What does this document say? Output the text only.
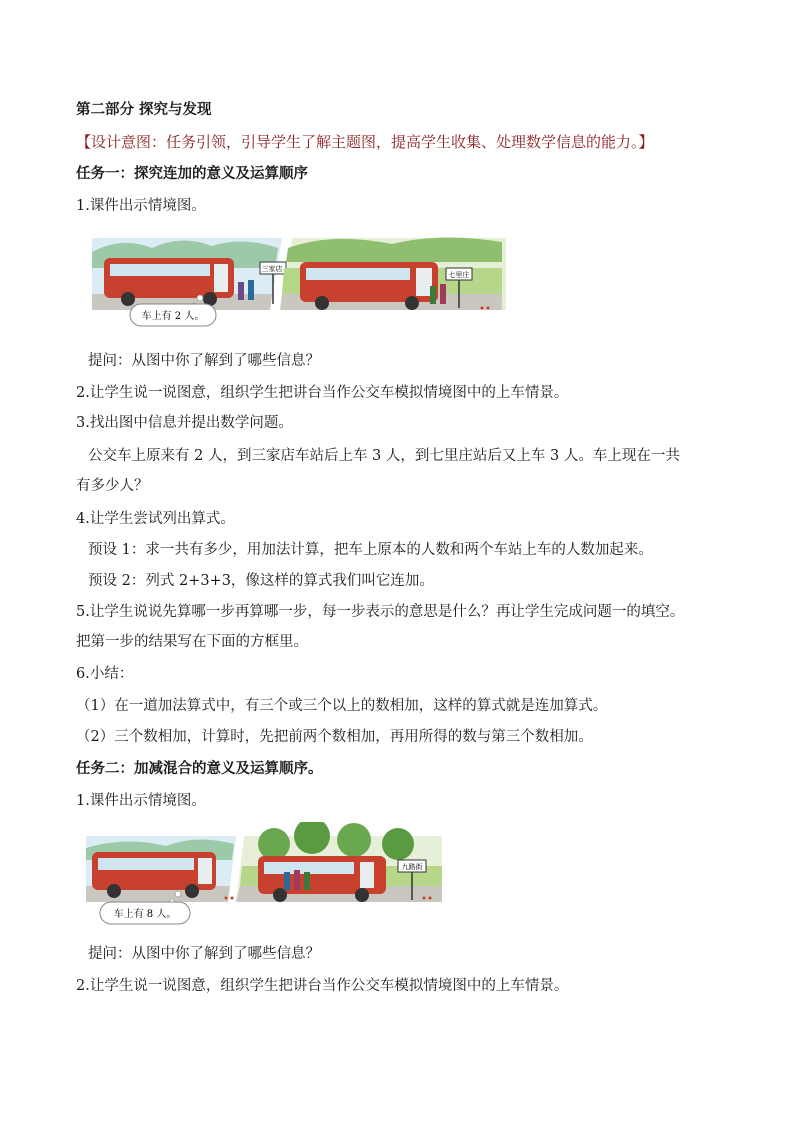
第二部分 探究与发现
【设计意图：任务引领，引导学生了解主题图，提高学生收集、处理数学信息的能力。】
任务一：探究连加的意义及运算顺序
1.课件出示情境图。
三家店
七里庄
车上有 2 人。
提问：从图中你了解到了哪些信息？
2.让学生说一说图意，组织学生把讲台当作公交车模拟情境图中的上车情景。
3.找出图中信息并提出数学问题。
公交车上原来有 2 人，到三家店车站后上车 3 人，到七里庄站后又上车 3 人。车上现在一共
有多少人？
4.让学生尝试列出算式。
预设 1：求一共有多少，用加法计算，把车上原本的人数和两个车站上车的人数加起来。
预设 2：列式 2+3+3，像这样的算式我们叫它连加。
5.让学生说说先算哪一步再算哪一步，每一步表示的意思是什么？再让学生完成问题一的填空。
把第一步的结果写在下面的方框里。
6.小结：
（1）在一道加法算式中，有三个或三个以上的数相加，这样的算式就是连加算式。
（2）三个数相加，计算时，先把前两个数相加，再用所得的数与第三个数相加。
任务二：加减混合的意义及运算顺序。
1.课件出示情境图。
九路街
车上有 8 人。
提问：从图中你了解到了哪些信息？
2.让学生说一说图意，组织学生把讲台当作公交车模拟情境图中的上车情景。
